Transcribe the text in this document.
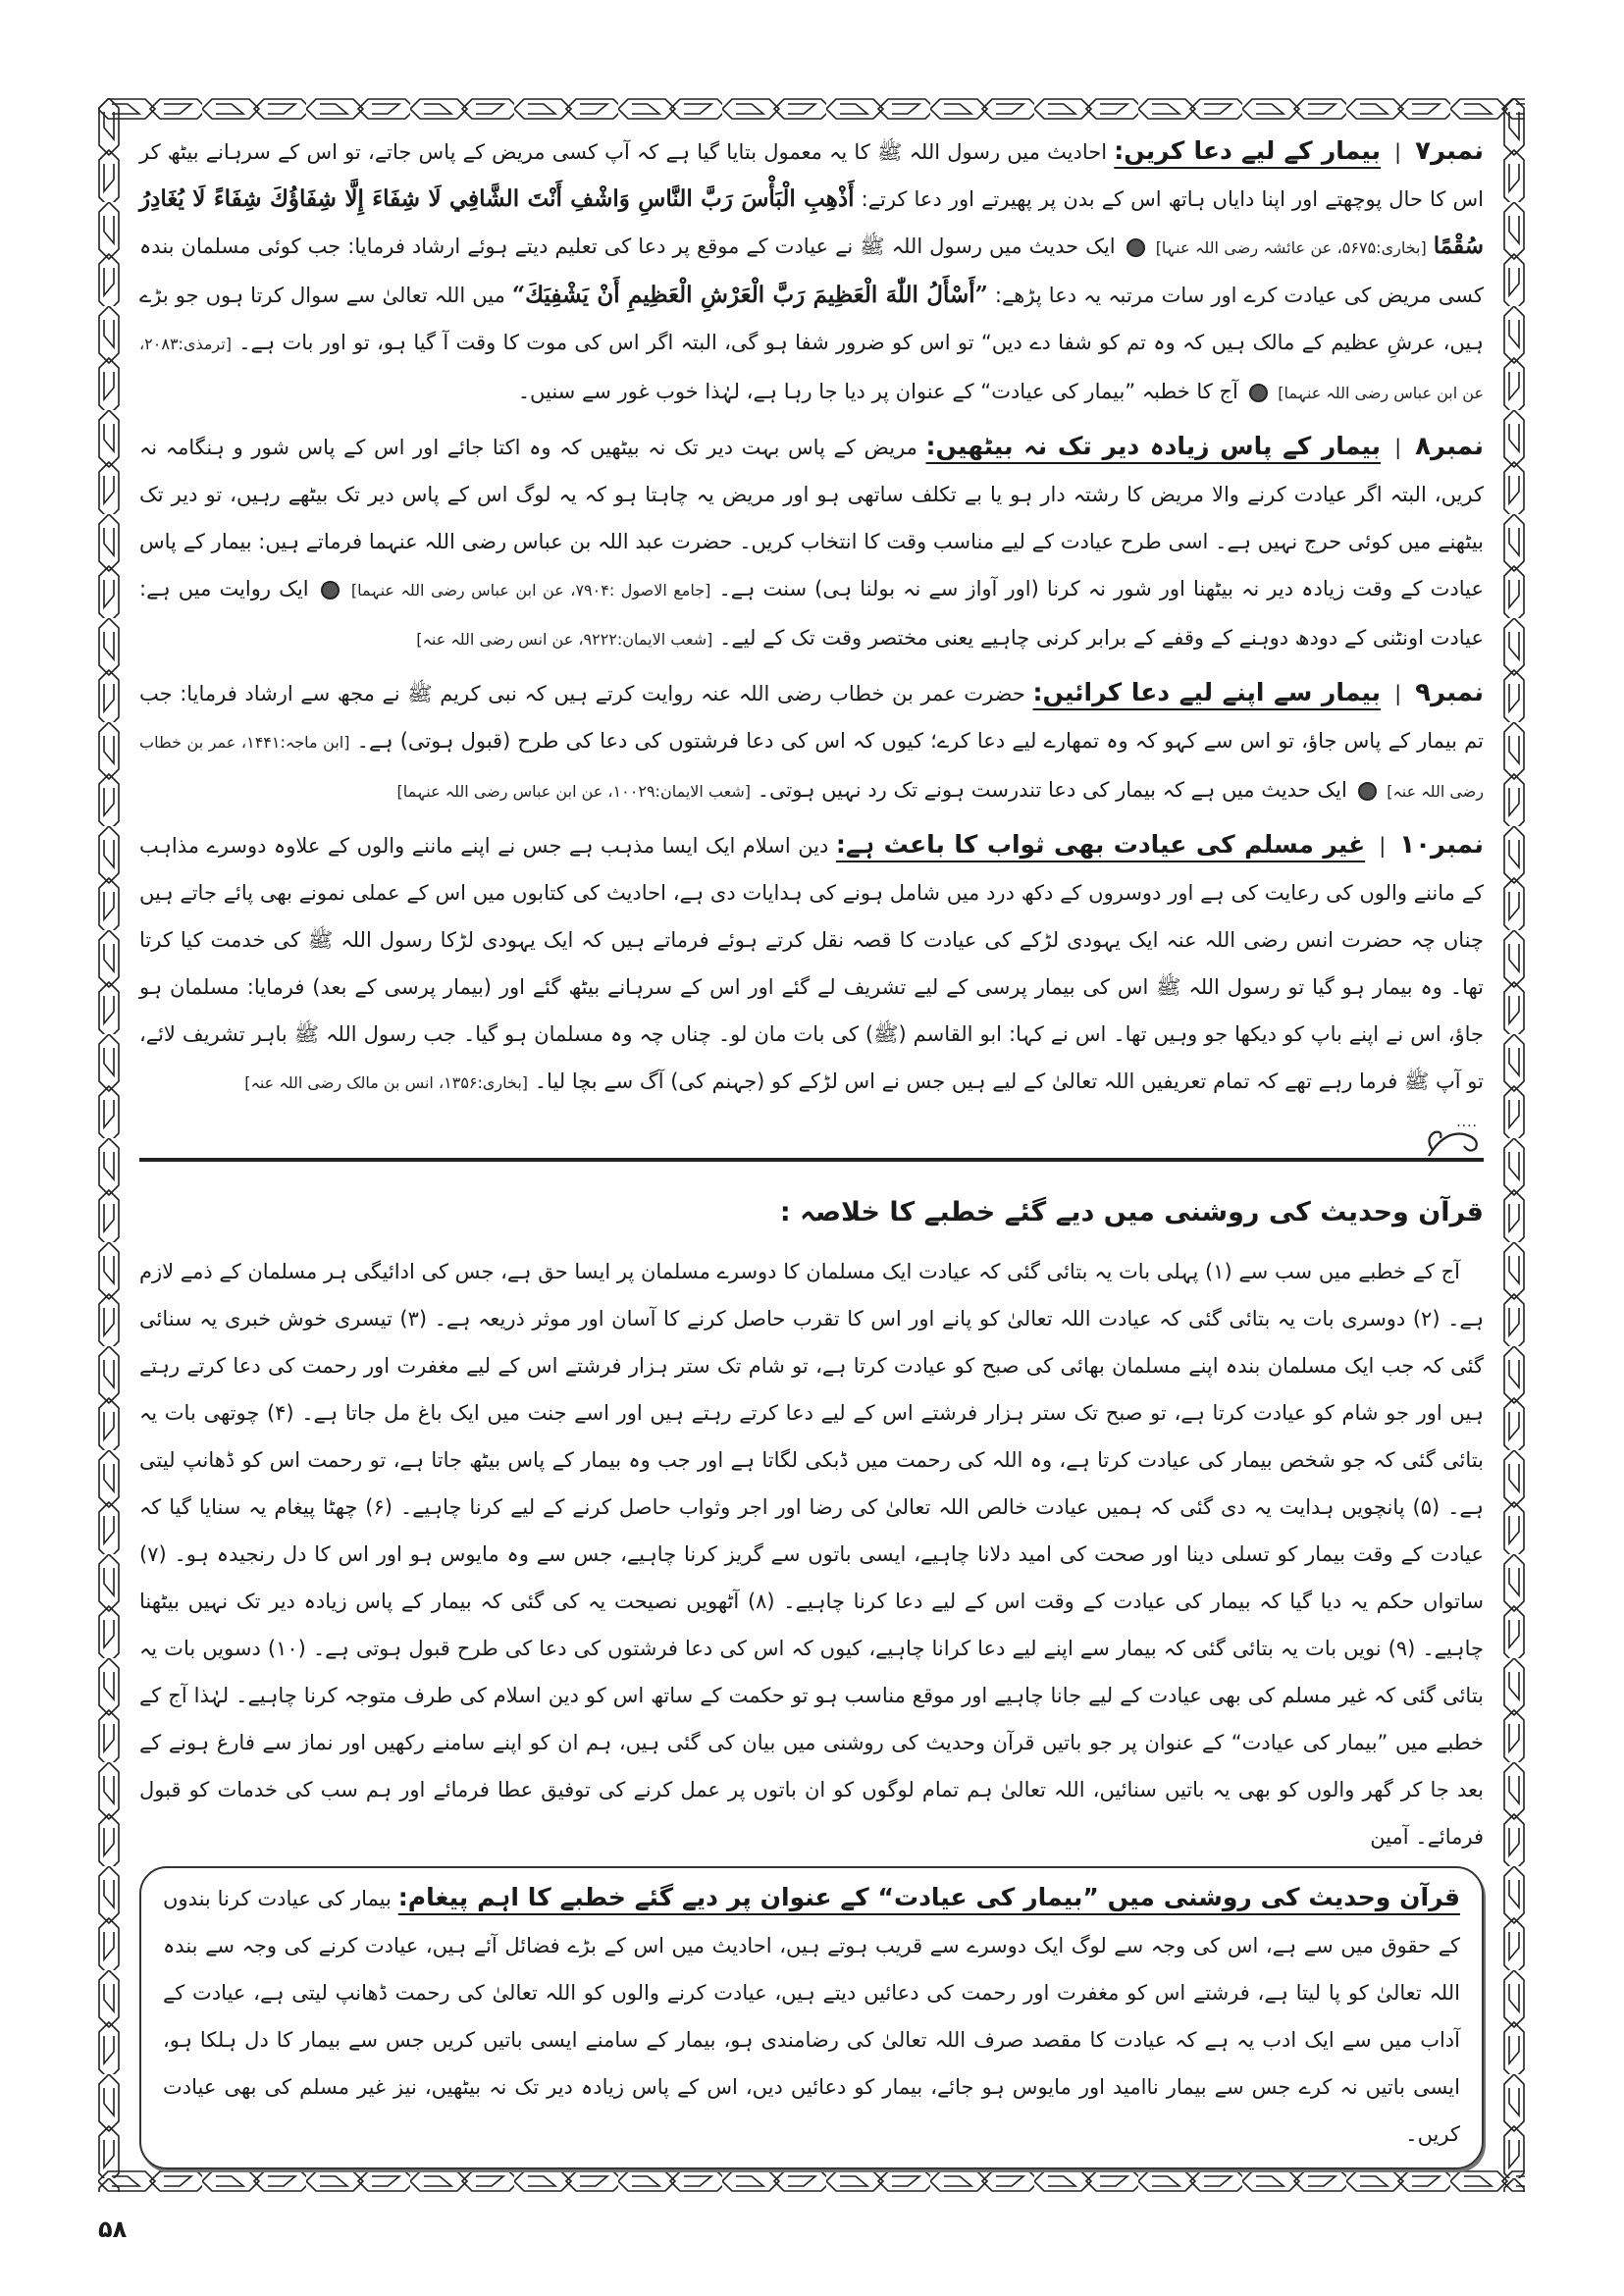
نمبر۷|بیمار کے لیے دعا کریں: احادیث میں رسول اللہ ﷺ کا یہ معمول بتایا گیا ہے کہ آپ کسی مریض کے پاس جاتے، تو اس کے سرہانے بیٹھ کر اس کا حال پوچھتے اور اپنا دایاں ہاتھ اس کے بدن پر پھیرتے اور دعا کرتے: أَذْهِبِ الْبَأْسَ رَبَّ النَّاسِ وَاشْفِ أَنْتَ الشَّافِي لَا شِفَاءَ إِلَّا شِفَاؤُكَ شِفَاءً لَا يُغَادِرُ سُقْمًا [بخاری:۵۶۷۵، عن عائشہ رضی اللہ عنہا]  ایک حدیث میں رسول اللہ ﷺ نے عیادت کے موقع پر دعا کی تعلیم دیتے ہوئے ارشاد فرمایا: جب کوئی مسلمان بندہ کسی مریض کی عیادت کرے اور سات مرتبہ یہ دعا پڑھے: ”أَسْأَلُ اللّٰهَ الْعَظِيمَ رَبَّ الْعَرْشِ الْعَظِيمِ أَنْ يَشْفِيَكَ“ میں اللہ تعالیٰ سے سوال کرتا ہوں جو بڑے ہیں، عرشِ عظیم کے مالک ہیں کہ وہ تم کو شفا دے دیں“ تو اس کو ضرور شفا ہو گی، البتہ اگر اس کی موت کا وقت آ گیا ہو، تو اور بات ہے۔ [ترمذی:۲۰۸۳، عن ابن عباس رضی اللہ عنہما]  آج کا خطبہ ”بیمار کی عیادت“ کے عنوان پر دیا جا رہا ہے، لہٰذا خوب غور سے سنیں۔

نمبر۸|بیمار کے پاس زیادہ دیر تک نہ بیٹھیں: مریض کے پاس بہت دیر تک نہ بیٹھیں کہ وہ اکتا جائے اور اس کے پاس شور و ہنگامہ نہ کریں، البتہ اگر عیادت کرنے والا مریض کا رشتہ دار ہو یا بے تکلف ساتھی ہو اور مریض یہ چاہتا ہو کہ یہ لوگ اس کے پاس دیر تک بیٹھے رہیں، تو دیر تک بیٹھنے میں کوئی حرج نہیں ہے۔ اسی طرح عیادت کے لیے مناسب وقت کا انتخاب کریں۔ حضرت عبد اللہ بن عباس رضی اللہ عنہما فرماتے ہیں: بیمار کے پاس عیادت کے وقت زیادہ دیر نہ بیٹھنا اور شور نہ کرنا (اور آواز سے نہ بولنا ہی) سنت ہے۔ [جامع الاصول :۷۹۰۴، عن ابن عباس رضی اللہ عنہما]  ایک روایت میں ہے: عیادت اونٹنی کے دودھ دوہنے کے وقفے کے برابر کرنی چاہیے یعنی مختصر وقت تک کے لیے۔ [شعب الایمان:۹۲۲۲، عن انس رضی اللہ عنہ]

نمبر۹|بیمار سے اپنے لیے دعا کرائیں: حضرت عمر بن خطاب رضی اللہ عنہ روایت کرتے ہیں کہ نبی کریم ﷺ نے مجھ سے ارشاد فرمایا: جب تم بیمار کے پاس جاؤ، تو اس سے کہو کہ وہ تمھارے لیے دعا کرے؛ کیوں کہ اس کی دعا فرشتوں کی دعا کی طرح (قبول ہوتی) ہے۔ [ابن ماجہ:۱۴۴۱، عمر بن خطاب رضی اللہ عنہ]  ایک حدیث میں ہے کہ بیمار کی دعا تندرست ہونے تک رد نہیں ہوتی۔ [شعب الایمان:۱۰۰۲۹، عن ابن عباس رضی اللہ عنہما]

نمبر۱۰|غیر مسلم کی عیادت بھی ثواب کا باعث ہے: دین اسلام ایک ایسا مذہب ہے جس نے اپنے ماننے والوں کے علاوہ دوسرے مذاہب کے ماننے والوں کی رعایت کی ہے اور دوسروں کے دکھ درد میں شامل ہونے کی ہدایات دی ہے، احادیث کی کتابوں میں اس کے عملی نمونے بھی پائے جاتے ہیں چناں چہ حضرت انس رضی اللہ عنہ ایک یہودی لڑکے کی عیادت کا قصہ نقل کرتے ہوئے فرماتے ہیں کہ ایک یہودی لڑکا رسول اللہ ﷺ کی خدمت کیا کرتا تھا۔ وہ بیمار ہو گیا تو رسول اللہ ﷺ اس کی بیمار پرسی کے لیے تشریف لے گئے اور اس کے سرہانے بیٹھ گئے اور (بیمار پرسی کے بعد) فرمایا: مسلمان ہو جاؤ، اس نے اپنے باپ کو دیکھا جو وہیں تھا۔ اس نے کہا: ابو القاسم (ﷺ) کی بات مان لو۔ چناں چہ وہ مسلمان ہو گیا۔ جب رسول اللہ ﷺ باہر تشریف لائے، تو آپ ﷺ فرما رہے تھے کہ تمام تعریفیں اللہ تعالیٰ کے لیے ہیں جس نے اس لڑکے کو (جہنم کی) آگ سے بچا لیا۔ [بخاری:۱۳۵۶، انس بن مالک رضی اللہ عنہ]

....
قرآن وحدیث کی روشنی میں دیے گئے خطبے کا خلاصہ :

آج کے خطبے میں سب سے (۱) پہلی بات یہ بتائی گئی کہ عیادت ایک مسلمان کا دوسرے مسلمان پر ایسا حق ہے، جس کی ادائیگی ہر مسلمان کے ذمے لازم ہے۔ (۲) دوسری بات یہ بتائی گئی کہ عیادت اللہ تعالیٰ کو پانے اور اس کا تقرب حاصل کرنے کا آسان اور موثر ذریعہ ہے۔ (۳) تیسری خوش خبری یہ سنائی گئی کہ جب ایک مسلمان بندہ اپنے مسلمان بھائی کی صبح کو عیادت کرتا ہے، تو شام تک ستر ہزار فرشتے اس کے لیے مغفرت اور رحمت کی دعا کرتے رہتے ہیں اور جو شام کو عیادت کرتا ہے، تو صبح تک ستر ہزار فرشتے اس کے لیے دعا کرتے رہتے ہیں اور اسے جنت میں ایک باغ مل جاتا ہے۔ (۴) چوتھی بات یہ بتائی گئی کہ جو شخص بیمار کی عیادت کرتا ہے، وہ اللہ کی رحمت میں ڈبکی لگاتا ہے اور جب وہ بیمار کے پاس بیٹھ جاتا ہے، تو رحمت اس کو ڈھانپ لیتی ہے۔ (۵) پانچویں ہدایت یہ دی گئی کہ ہمیں عیادت خالص اللہ تعالیٰ کی رضا اور اجر وثواب حاصل کرنے کے لیے کرنا چاہیے۔ (۶) چھٹا پیغام یہ سنایا گیا کہ عیادت کے وقت بیمار کو تسلی دینا اور صحت کی امید دلانا چاہیے، ایسی باتوں سے گریز کرنا چاہیے، جس سے وہ مایوس ہو اور اس کا دل رنجیدہ ہو۔ (۷) ساتواں حکم یہ دیا گیا کہ بیمار کی عیادت کے وقت اس کے لیے دعا کرنا چاہیے۔ (۸) آٹھویں نصیحت یہ کی گئی کہ بیمار کے پاس زیادہ دیر تک نہیں بیٹھنا چاہیے۔ (۹) نویں بات یہ بتائی گئی کہ بیمار سے اپنے لیے دعا کرانا چاہیے، کیوں کہ اس کی دعا فرشتوں کی دعا کی طرح قبول ہوتی ہے۔ (۱۰) دسویں بات یہ بتائی گئی کہ غیر مسلم کی بھی عیادت کے لیے جانا چاہیے اور موقع مناسب ہو تو حکمت کے ساتھ اس کو دین اسلام کی طرف متوجہ کرنا چاہیے۔ لہٰذا آج کے خطبے میں ”بیمار کی عیادت“ کے عنوان پر جو باتیں قرآن وحدیث کی روشنی میں بیان کی گئی ہیں، ہم ان کو اپنے سامنے رکھیں اور نماز سے فارغ ہونے کے بعد جا کر گھر والوں کو بھی یہ باتیں سنائیں، اللہ تعالیٰ ہم تمام لوگوں کو ان باتوں پر عمل کرنے کی توفیق عطا فرمائے اور ہم سب کی خدمات کو قبول فرمائے۔ آمین

قرآن وحدیث کی روشنی میں ”بیمار کی عیادت“ کے عنوان پر دیے گئے خطبے کا اہم پیغام: بیمار کی عیادت کرنا بندوں کے حقوق میں سے ہے، اس کی وجہ سے لوگ ایک دوسرے سے قریب ہوتے ہیں، احادیث میں اس کے بڑے فضائل آئے ہیں، عیادت کرنے کی وجہ سے بندہ اللہ تعالیٰ کو پا لیتا ہے، فرشتے اس کو مغفرت اور رحمت کی دعائیں دیتے ہیں، عیادت کرنے والوں کو اللہ تعالیٰ کی رحمت ڈھانپ لیتی ہے، عیادت کے آداب میں سے ایک ادب یہ ہے کہ عیادت کا مقصد صرف اللہ تعالیٰ کی رضامندی ہو، بیمار کے سامنے ایسی باتیں کریں جس سے بیمار کا دل ہلکا ہو، ایسی باتیں نہ کرے جس سے بیمار ناامید اور مایوس ہو جائے، بیمار کو دعائیں دیں، اس کے پاس زیادہ دیر تک نہ بیٹھیں، نیز غیر مسلم کی بھی عیادت کریں۔

۵۸
